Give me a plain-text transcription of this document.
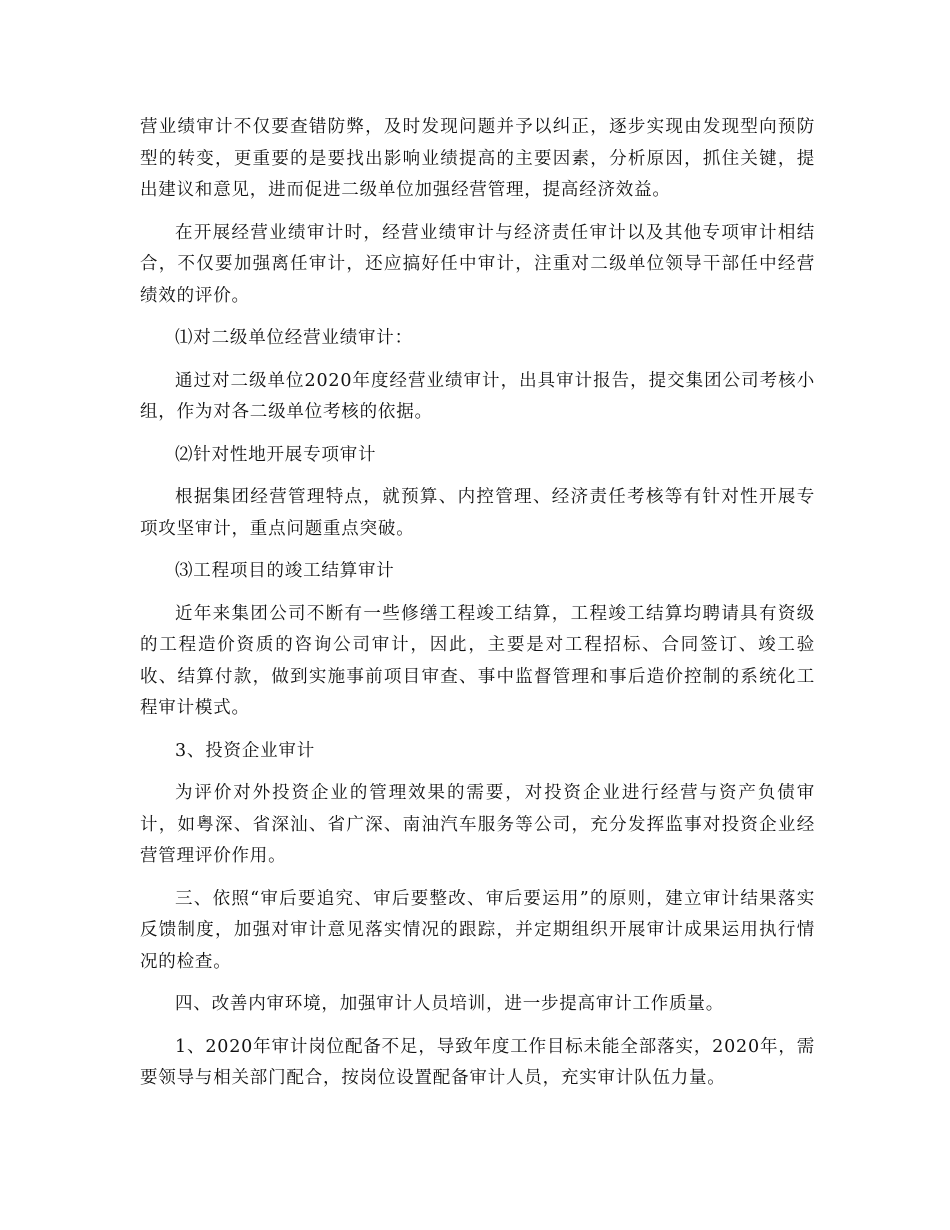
营业绩审计不仅要查错防弊，及时发现问题并予以纠正，逐步实现由发现型向预防型的转变，更重要的是要找出影响业绩提高的主要因素，分析原因，抓住关键，提出建议和意见，进而促进二级单位加强经营管理，提高经济效益。

在开展经营业绩审计时，经营业绩审计与经济责任审计以及其他专项审计相结合，不仅要加强离任审计，还应搞好任中审计，注重对二级单位领导干部任中经营绩效的评价。

⑴对二级单位经营业绩审计：

通过对二级单位2020年度经营业绩审计，出具审计报告，提交集团公司考核小组，作为对各二级单位考核的依据。

⑵针对性地开展专项审计

根据集团经营管理特点，就预算、内控管理、经济责任考核等有针对性开展专项攻坚审计，重点问题重点突破。

⑶工程项目的竣工结算审计

近年来集团公司不断有一些修缮工程竣工结算，工程竣工结算均聘请具有资级的工程造价资质的咨询公司审计，因此，主要是对工程招标、合同签订、竣工验收、结算付款，做到实施事前项目审查、事中监督管理和事后造价控制的系统化工程审计模式。

3、投资企业审计

为评价对外投资企业的管理效果的需要，对投资企业进行经营与资产负债审计，如粤深、省深汕、省广深、南油汽车服务等公司，充分发挥监事对投资企业经营管理评价作用。

三、依照“审后要追究、审后要整改、审后要运用”的原则，建立审计结果落实反馈制度，加强对审计意见落实情况的跟踪，并定期组织开展审计成果运用执行情况的检查。

四、改善内审环境，加强审计人员培训，进一步提高审计工作质量。

1、2020年审计岗位配备不足，导致年度工作目标未能全部落实，2020年，需要领导与相关部门配合，按岗位设置配备审计人员，充实审计队伍力量。
